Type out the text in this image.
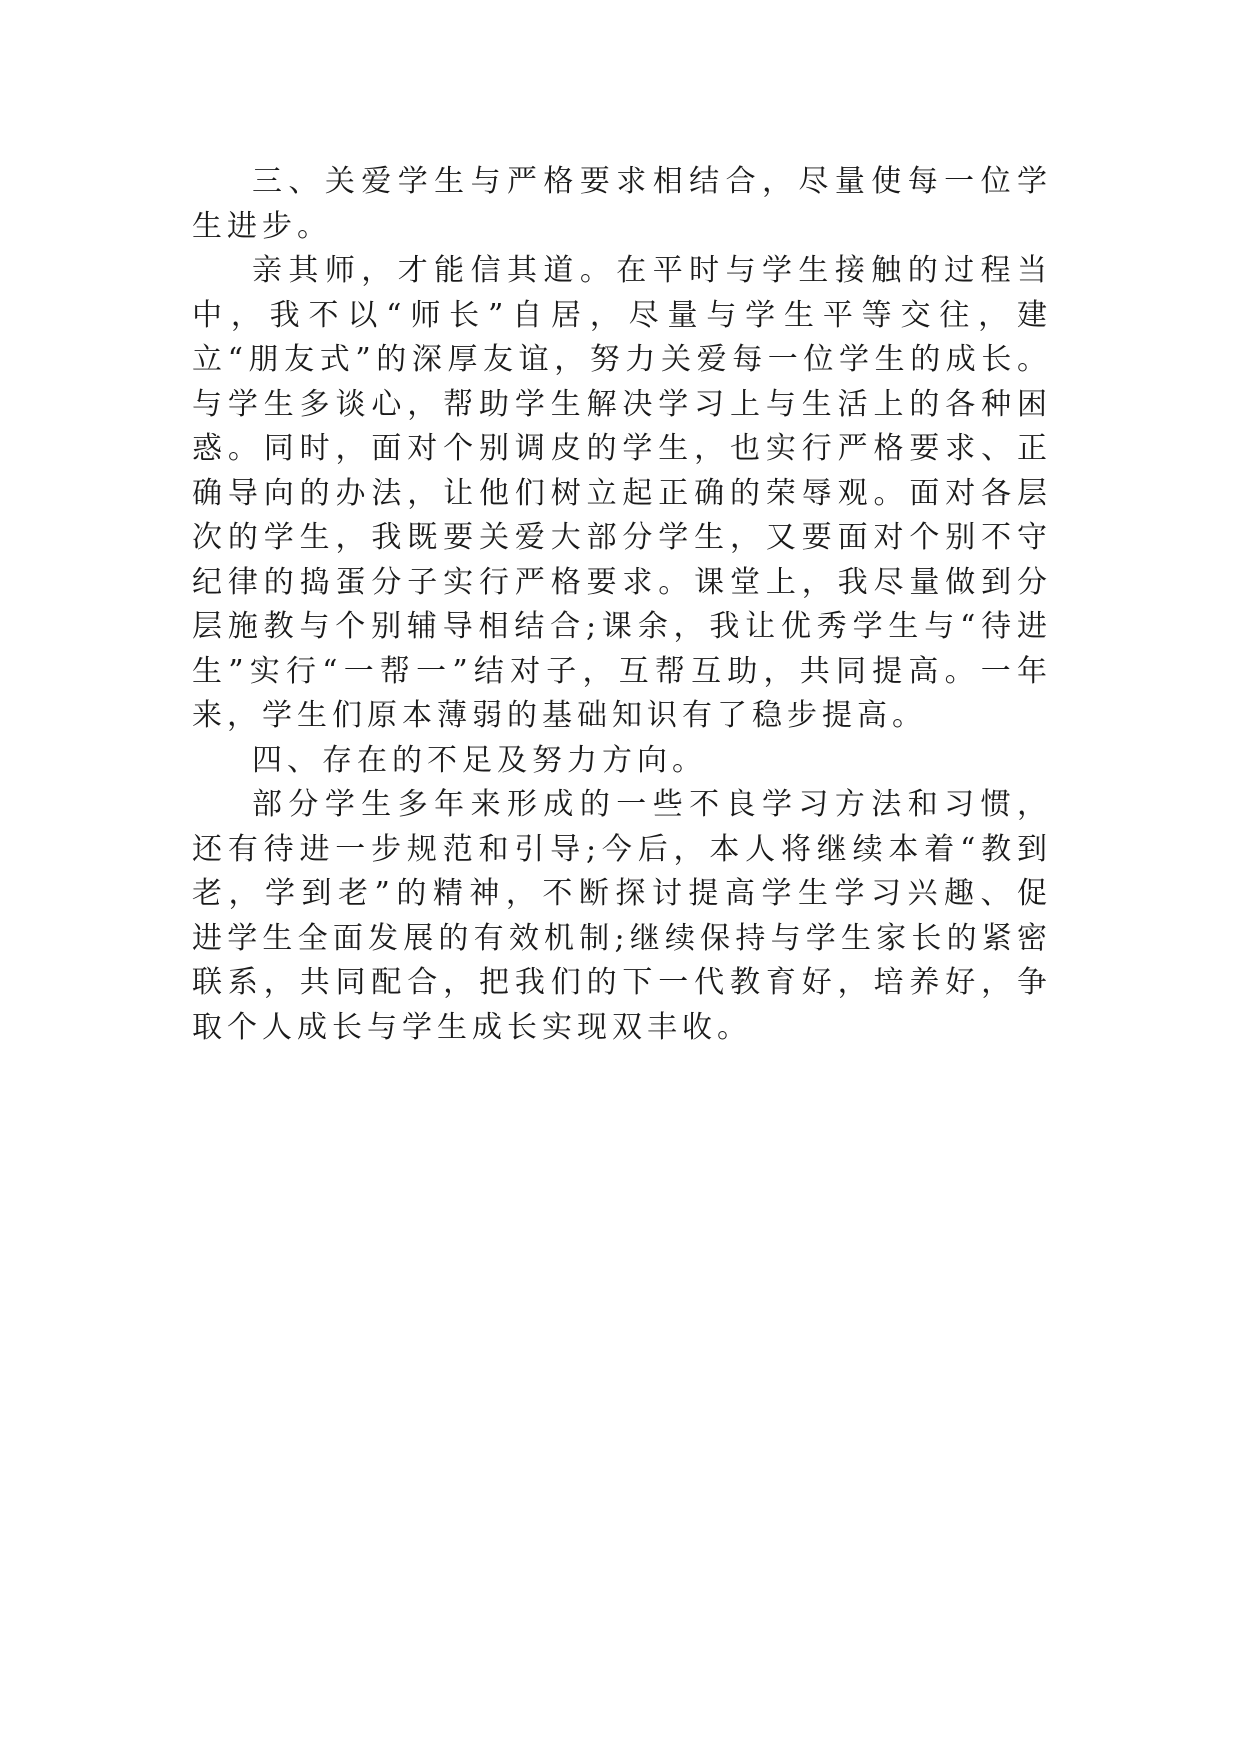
三、关爱学生与严格要求相结合，尽量使每一位学生进步。

亲其师，才能信其道。在平时与学生接触的过程当中，我不以“师长”自居，尽量与学生平等交往，建立“朋友式”的深厚友谊，努力关爱每一位学生的成长。与学生多谈心，帮助学生解决学习上与生活上的各种困惑。同时，面对个别调皮的学生，也实行严格要求、正确导向的办法，让他们树立起正确的荣辱观。面对各层次的学生，我既要关爱大部分学生，又要面对个别不守纪律的捣蛋分子实行严格要求。课堂上，我尽量做到分层施教与个别辅导相结合;课余，我让优秀学生与“待进生”实行“一帮一”结对子，互帮互助，共同提高。一年来，学生们原本薄弱的基础知识有了稳步提高。

四、存在的不足及努力方向。

部分学生多年来形成的一些不良学习方法和习惯，还有待进一步规范和引导;今后，本人将继续本着“教到老，学到老”的精神，不断探讨提高学生学习兴趣、促进学生全面发展的有效机制;继续保持与学生家长的紧密联系，共同配合，把我们的下一代教育好，培养好，争取个人成长与学生成长实现双丰收。
